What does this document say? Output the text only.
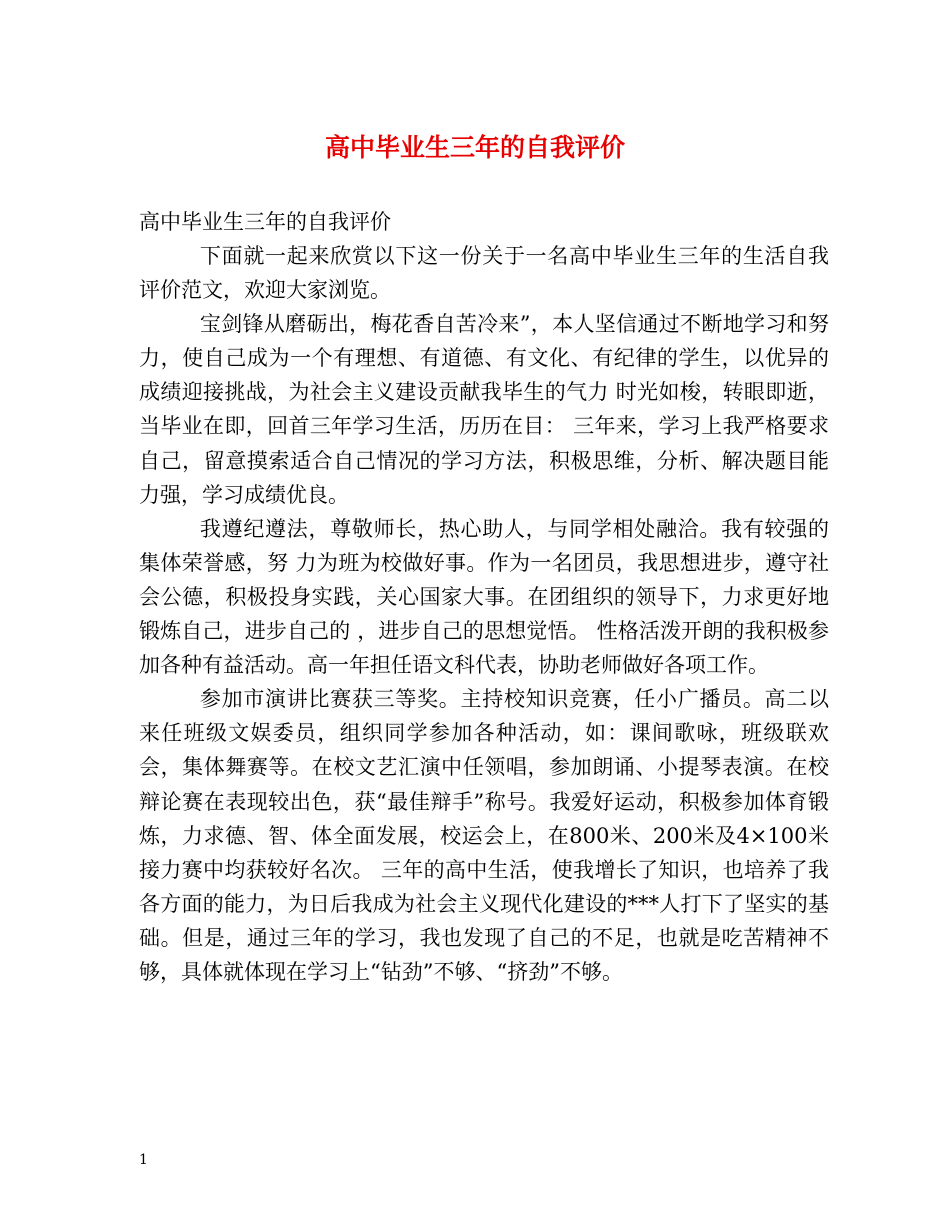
高中毕业生三年的自我评价

高中毕业生三年的自我评价

下面就一起来欣赏以下这一份关于一名高中毕业生三年的生活自我评价范文，欢迎大家浏览。

宝剑锋从磨砺出，梅花香自苦冷来”，本人坚信通过不断地学习和努力，使自己成为一个有理想、有道德、有文化、有纪律的学生，以优异的成绩迎接挑战，为社会主义建设贡献我毕生的气力 时光如梭，转眼即逝，当毕业在即，回首三年学习生活，历历在目： 三年来，学习上我严格要求自己，留意摸索适合自己情况的学习方法，积极思维，分析、解决题目能力强，学习成绩优良。

我遵纪遵法，尊敬师长，热心助人，与同学相处融洽。我有较强的集体荣誉感，努 力为班为校做好事。作为一名团员，我思想进步，遵守社会公德，积极投身实践，关心国家大事。在团组织的领导下，力求更好地锻炼自己，进步自己的 ，进步自己的思想觉悟。 性格活泼开朗的我积极参加各种有益活动。高一年担任语文科代表，协助老师做好各项工作。

参加市演讲比赛获三等奖。主持校知识竞赛，任小广播员。高二以来任班级文娱委员，组织同学参加各种活动，如：课间歌咏，班级联欢会，集体舞赛等。在校文艺汇演中任领唱，参加朗诵、小提琴表演。在校辩论赛在表现较出色，获“最佳辩手”称号。我爱好运动，积极参加体育锻炼，力求德、智、体全面发展，校运会上，在800米、200米及4×100米接力赛中均获较好名次。 三年的高中生活，使我增长了知识，也培养了我各方面的能力，为日后我成为社会主义现代化建设的***人打下了坚实的基础。但是，通过三年的学习，我也发现了自己的不足，也就是吃苦精神不够，具体就体现在学习上“钻劲”不够、“挤劲”不够。

1
